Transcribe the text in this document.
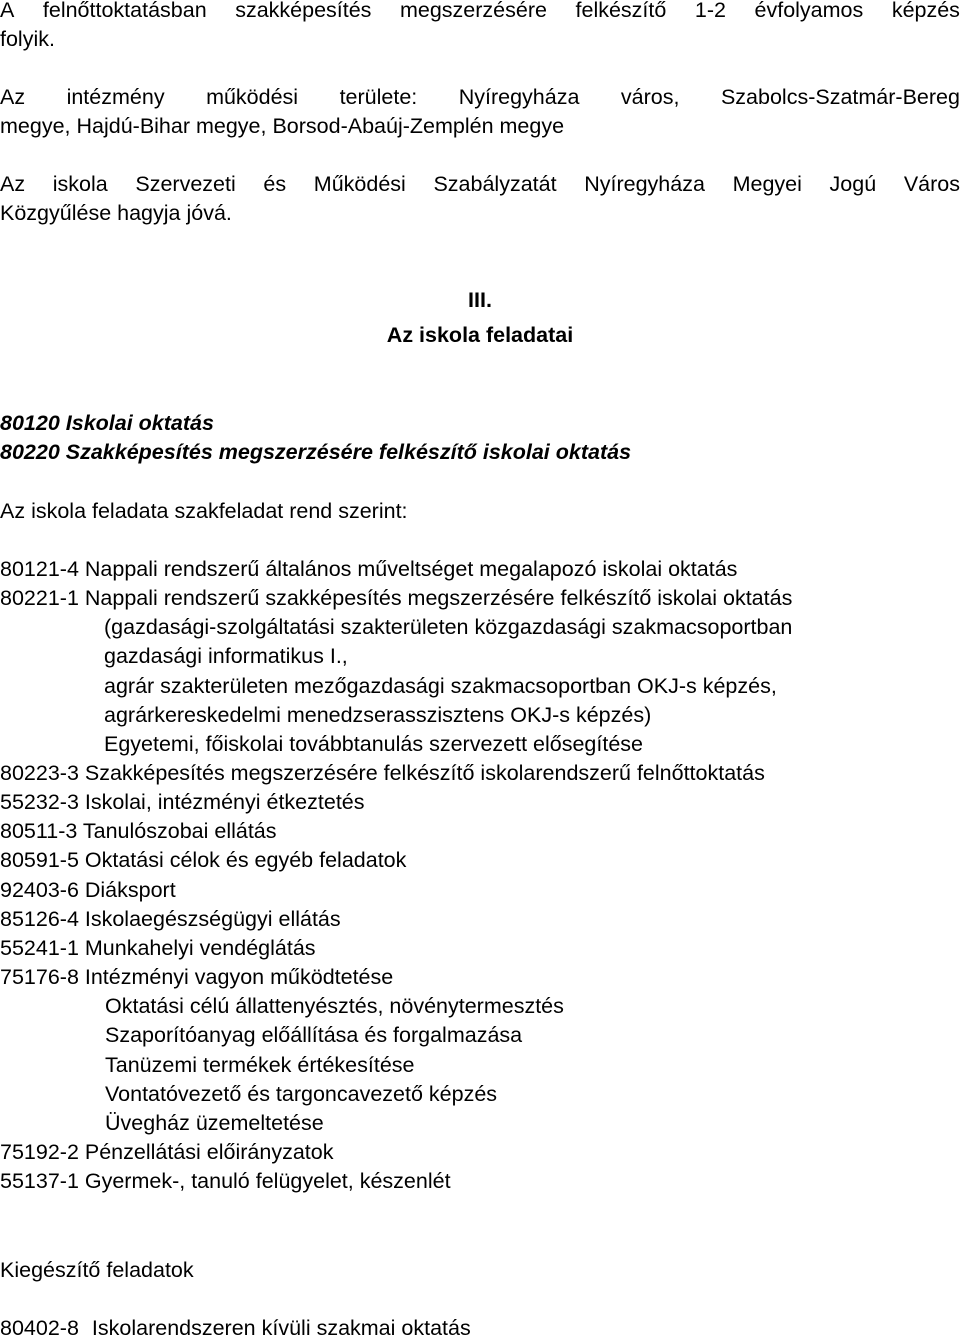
A felnőttoktatásban szakképesítés megszerzésére felkészítő 1-2 évfolyamos képzés
folyik.
Az intézmény működési területe: Nyíregyháza város, Szabolcs-Szatmár-Bereg
megye, Hajdú-Bihar megye, Borsod-Abaúj-Zemplén megye
Az iskola Szervezeti és Működési Szabályzatát Nyíregyháza Megyei Jogú Város
Közgyűlése hagyja jóvá.
III.
Az iskola feladatai
80120 Iskolai oktatás
80220 Szakképesítés megszerzésére felkészítő iskolai oktatás
Az iskola feladata szakfeladat rend szerint:
80121-4 Nappali rendszerű általános műveltséget megalapozó iskolai oktatás
80221-1 Nappali rendszerű szakképesítés megszerzésére felkészítő iskolai oktatás
(gazdasági-szolgáltatási szakterületen közgazdasági szakmacsoportban
gazdasági informatikus I.,
agrár szakterületen mezőgazdasági szakmacsoportban OKJ-s képzés,
agrárkereskedelmi menedzserasszisztens OKJ-s képzés)
Egyetemi, főiskolai továbbtanulás szervezett elősegítése
80223-3 Szakképesítés megszerzésére felkészítő iskolarendszerű felnőttoktatás
55232-3 Iskolai, intézményi étkeztetés
80511-3 Tanulószobai ellátás
80591-5 Oktatási célok és egyéb feladatok
92403-6 Diáksport
85126-4 Iskolaegészségügyi ellátás
55241-1 Munkahelyi vendéglátás
75176-8 Intézményi vagyon működtetése
Oktatási célú állattenyésztés, növénytermesztés
Szaporítóanyag előállítása és forgalmazása
Tanüzemi termékek értékesítése
Vontatóvezető és targoncavezető képzés
Üvegház üzemeltetése
75192-2 Pénzellátási előirányzatok
55137-1 Gyermek-, tanuló felügyelet, készenlét
Kiegészítő feladatok
80402-8 Iskolarendszeren kívüli szakmai oktatás
